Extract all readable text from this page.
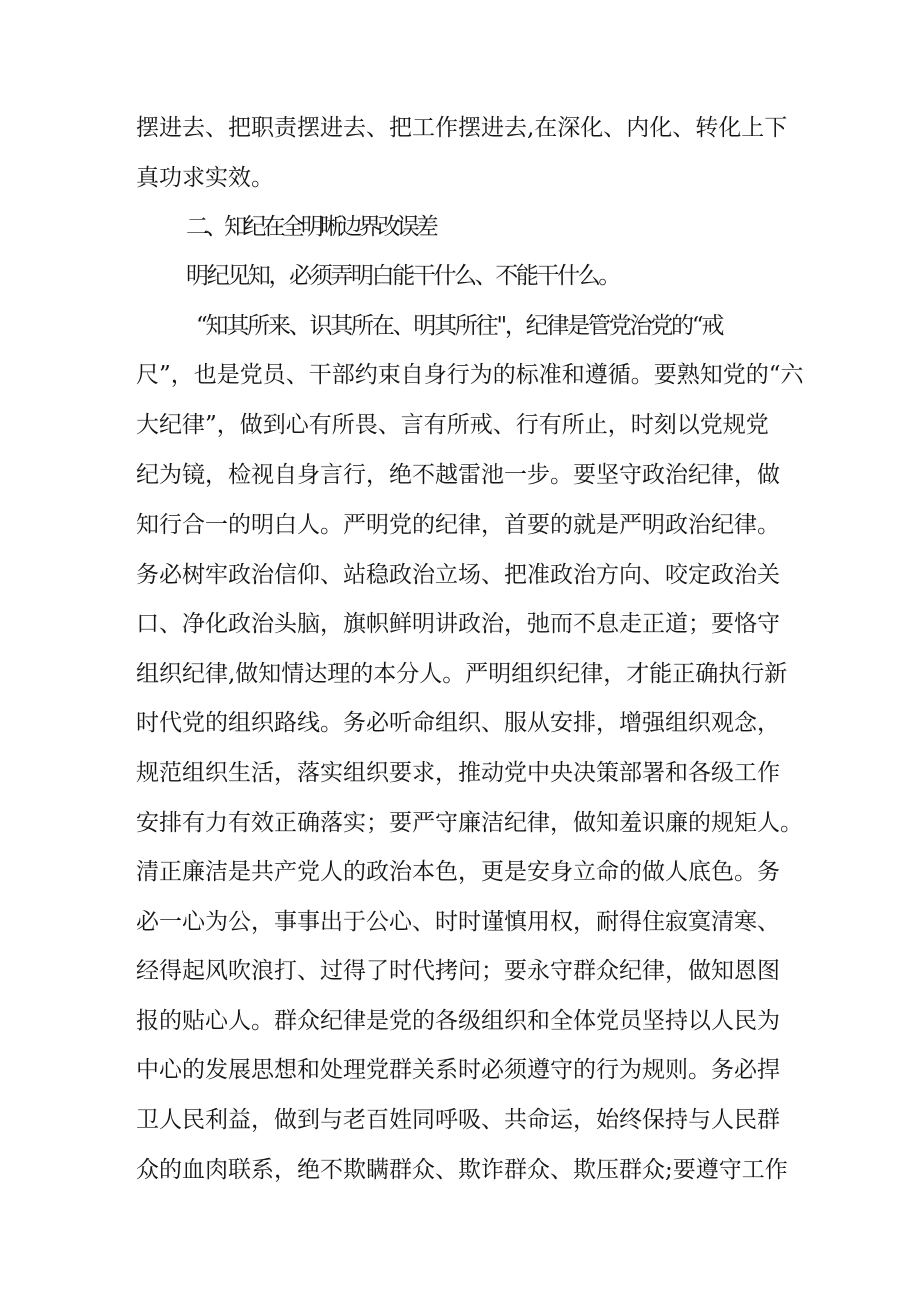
摆进去、把职责摆进去、把工作摆进去,在深化、内化、转化上下
真功求实效。
二、知纪在全明晰边界改误差
明纪见知，必须弄明白能干什么、不能干什么。
“知其所来、识其所在、明其所往"，纪律是管党治党的“戒
尺”，也是党员、干部约束自身行为的标准和遵循。要熟知党的“六
大纪律”，做到心有所畏、言有所戒、行有所止，时刻以党规党
纪为镜，检视自身言行，绝不越雷池一步。要坚守政治纪律，做
知行合一的明白人。严明党的纪律，首要的就是严明政治纪律。
务必树牢政治信仰、站稳政治立场、把准政治方向、咬定政治关
口、净化政治头脑，旗帜鲜明讲政治，弛而不息走正道；要恪守
组织纪律,做知情达理的本分人。严明组织纪律，才能正确执行新
时代党的组织路线。务必听命组织、服从安排，增强组织观念，
规范组织生活，落实组织要求，推动党中央决策部署和各级工作
安排有力有效正确落实；要严守廉洁纪律，做知羞识廉的规矩人。
清正廉洁是共产党人的政治本色，更是安身立命的做人底色。务
必一心为公，事事出于公心、时时谨慎用权，耐得住寂寞清寒、
经得起风吹浪打、过得了时代拷问；要永守群众纪律，做知恩图
报的贴心人。群众纪律是党的各级组织和全体党员坚持以人民为
中心的发展思想和处理党群关系时必须遵守的行为规则。务必捍
卫人民利益，做到与老百姓同呼吸、共命运，始终保持与人民群
众的血肉联系，绝不欺瞒群众、欺诈群众、欺压群众;要遵守工作
